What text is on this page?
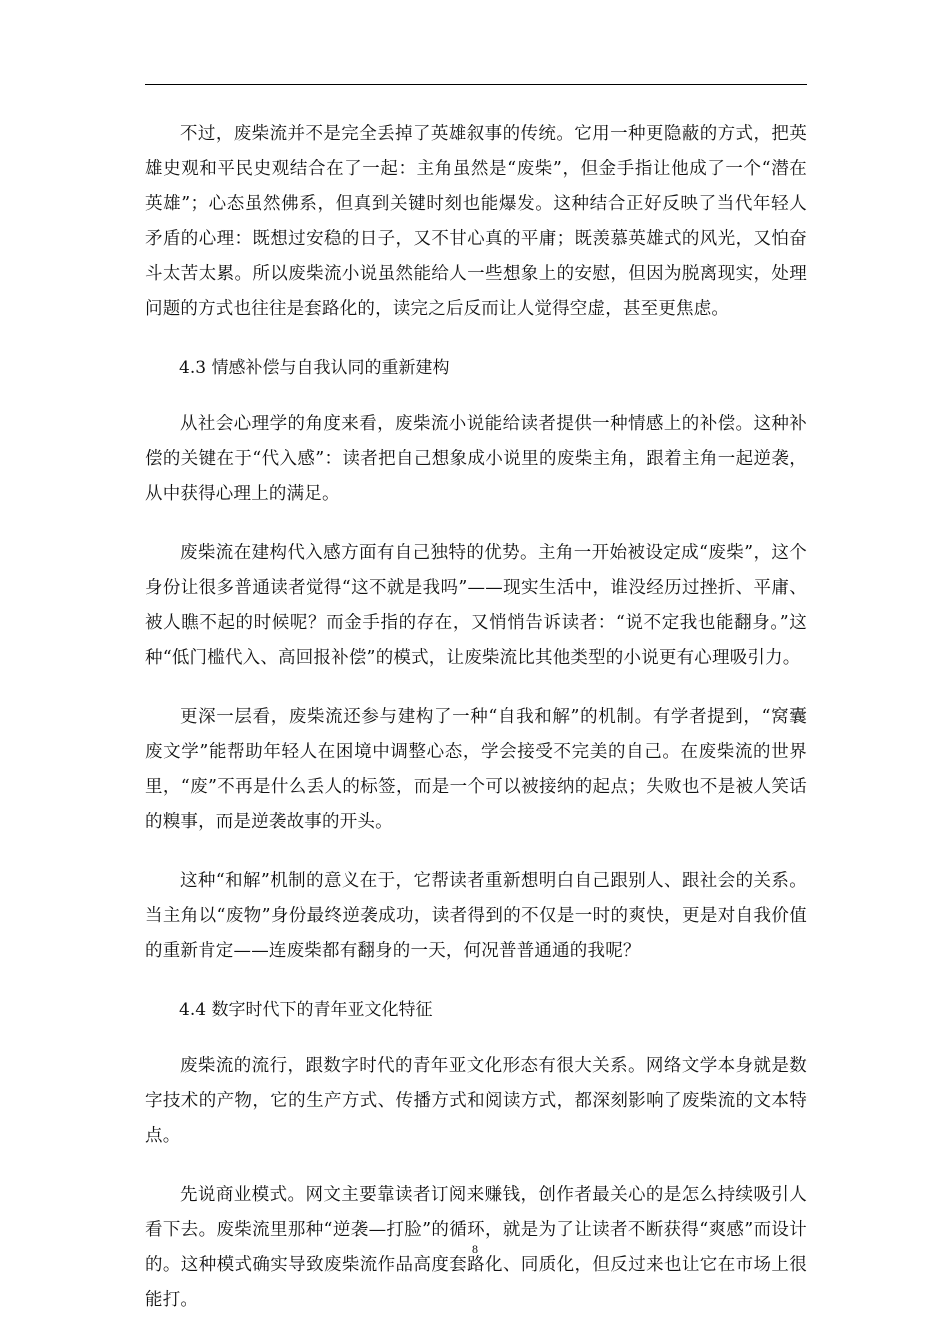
不过，废柴流并不是完全丢掉了英雄叙事的传统。它用一种更隐蔽的方式，把英雄史观和平民史观结合在了一起：主角虽然是“废柴”，但金手指让他成了一个“潜在英雄”；心态虽然佛系，但真到关键时刻也能爆发。这种结合正好反映了当代年轻人矛盾的心理：既想过安稳的日子，又不甘心真的平庸；既羡慕英雄式的风光，又怕奋斗太苦太累。所以废柴流小说虽然能给人一些想象上的安慰，但因为脱离现实，处理问题的方式也往往是套路化的，读完之后反而让人觉得空虚，甚至更焦虑。

4.3 情感补偿与自我认同的重新建构

从社会心理学的角度来看，废柴流小说能给读者提供一种情感上的补偿。这种补偿的关键在于“代入感”：读者把自己想象成小说里的废柴主角，跟着主角一起逆袭，从中获得心理上的满足。

废柴流在建构代入感方面有自己独特的优势。主角一开始被设定成“废柴”，这个身份让很多普通读者觉得“这不就是我吗”——现实生活中，谁没经历过挫折、平庸、被人瞧不起的时候呢？而金手指的存在，又悄悄告诉读者：“说不定我也能翻身。”这种“低门槛代入、高回报补偿”的模式，让废柴流比其他类型的小说更有心理吸引力。

更深一层看，废柴流还参与建构了一种“自我和解”的机制。有学者提到，“窝囊废文学”能帮助年轻人在困境中调整心态，学会接受不完美的自己。在废柴流的世界里，“废”不再是什么丢人的标签，而是一个可以被接纳的起点；失败也不是被人笑话的糗事，而是逆袭故事的开头。

这种“和解”机制的意义在于，它帮读者重新想明白自己跟别人、跟社会的关系。当主角以“废物”身份最终逆袭成功，读者得到的不仅是一时的爽快，更是对自我价值的重新肯定——连废柴都有翻身的一天，何况普普通通的我呢？

4.4 数字时代下的青年亚文化特征

废柴流的流行，跟数字时代的青年亚文化形态有很大关系。网络文学本身就是数字技术的产物，它的生产方式、传播方式和阅读方式，都深刻影响了废柴流的文本特点。

先说商业模式。网文主要靠读者订阅来赚钱，创作者最关心的是怎么持续吸引人看下去。废柴流里那种“逆袭—打脸”的循环，就是为了让读者不断获得“爽感”而设计的。这种模式确实导致废柴流作品高度套路化、同质化，但反过来也让它在市场上很能打。

8
